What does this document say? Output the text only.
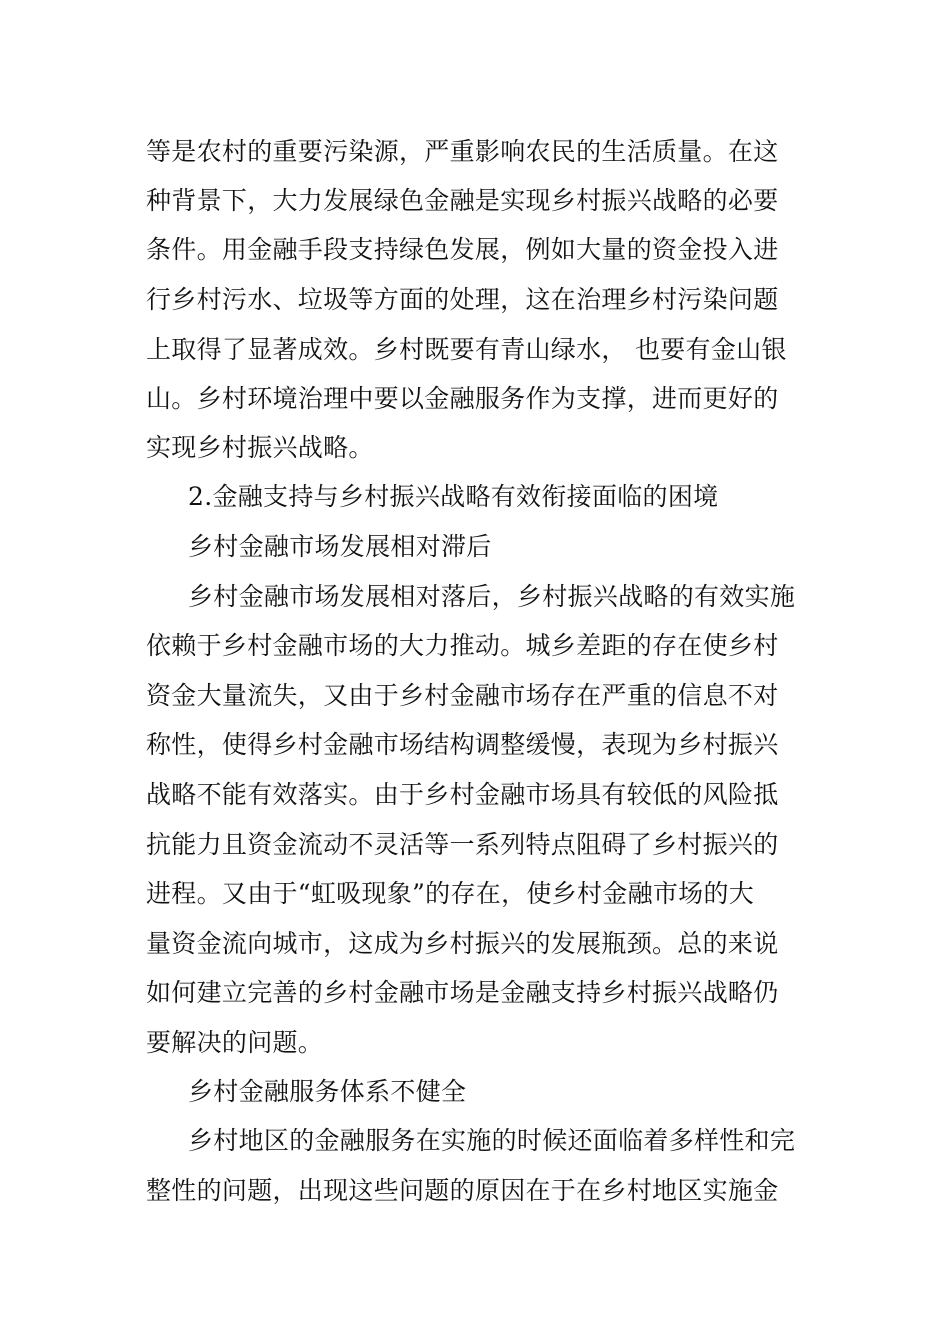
等是农村的重要污染源，严重影响农民的生活质量。在这
种背景下，大力发展绿色金融是实现乡村振兴战略的必要
条件。用金融手段支持绿色发展，例如大量的资金投入进
行乡村污水、垃圾等方面的处理，这在治理乡村污染问题
上取得了显著成效。乡村既要有青山绿水， 也要有金山银
山。乡村环境治理中要以金融服务作为支撑，进而更好的
实现乡村振兴战略。
2.金融支持与乡村振兴战略有效衔接面临的困境
乡村金融市场发展相对滞后
乡村金融市场发展相对落后，乡村振兴战略的有效实施
依赖于乡村金融市场的大力推动。城乡差距的存在使乡村
资金大量流失，又由于乡村金融市场存在严重的信息不对
称性，使得乡村金融市场结构调整缓慢，表现为乡村振兴
战略不能有效落实。由于乡村金融市场具有较低的风险抵
抗能力且资金流动不灵活等一系列特点阻碍了乡村振兴的
进程。又由于“虹吸现象”的存在，使乡村金融市场的大
量资金流向城市，这成为乡村振兴的发展瓶颈。总的来说
如何建立完善的乡村金融市场是金融支持乡村振兴战略仍
要解决的问题。
乡村金融服务体系不健全
乡村地区的金融服务在实施的时候还面临着多样性和完
整性的问题，出现这些问题的原因在于在乡村地区实施金
